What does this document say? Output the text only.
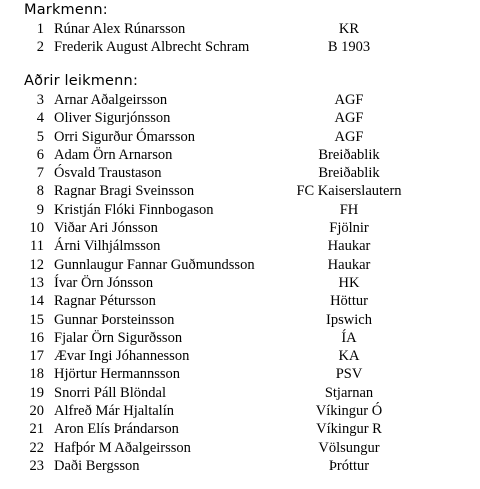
Markmenn:
1 Rúnar Alex Rúnarsson	KR
2 Frederik August Albrecht Schram	B 1903
Aðrir leikmenn:
3 Arnar Aðalgeirsson	AGF
4 Oliver Sigurjónsson	AGF
5 Orri Sigurður Ómarsson	AGF
6 Adam Örn Arnarson	Breiðablik
7 Ósvald Traustason	Breiðablik
8 Ragnar Bragi Sveinsson	FC Kaiserslautern
9 Kristján Flóki Finnbogason	FH
10 Viðar Ari Jónsson	Fjölnir
11 Árni Vilhjálmsson	Haukar
12 Gunnlaugur Fannar Guðmundsson	Haukar
13 Ívar Örn Jónsson	HK
14 Ragnar Pétursson	Höttur
15 Gunnar Þorsteinsson	Ipswich
16 Fjalar Örn Sigurðsson	ÍA
17 Ævar Ingi Jóhannesson	KA
18 Hjörtur Hermannsson	PSV
19 Snorri Páll Blöndal	Stjarnan
20 Alfreð Már Hjaltalín	Víkingur Ó
21 Aron Elís Þrándarson	Víkingur R
22 Hafþór M Aðalgeirsson	Völsungur
23 Daði Bergsson	Þróttur
